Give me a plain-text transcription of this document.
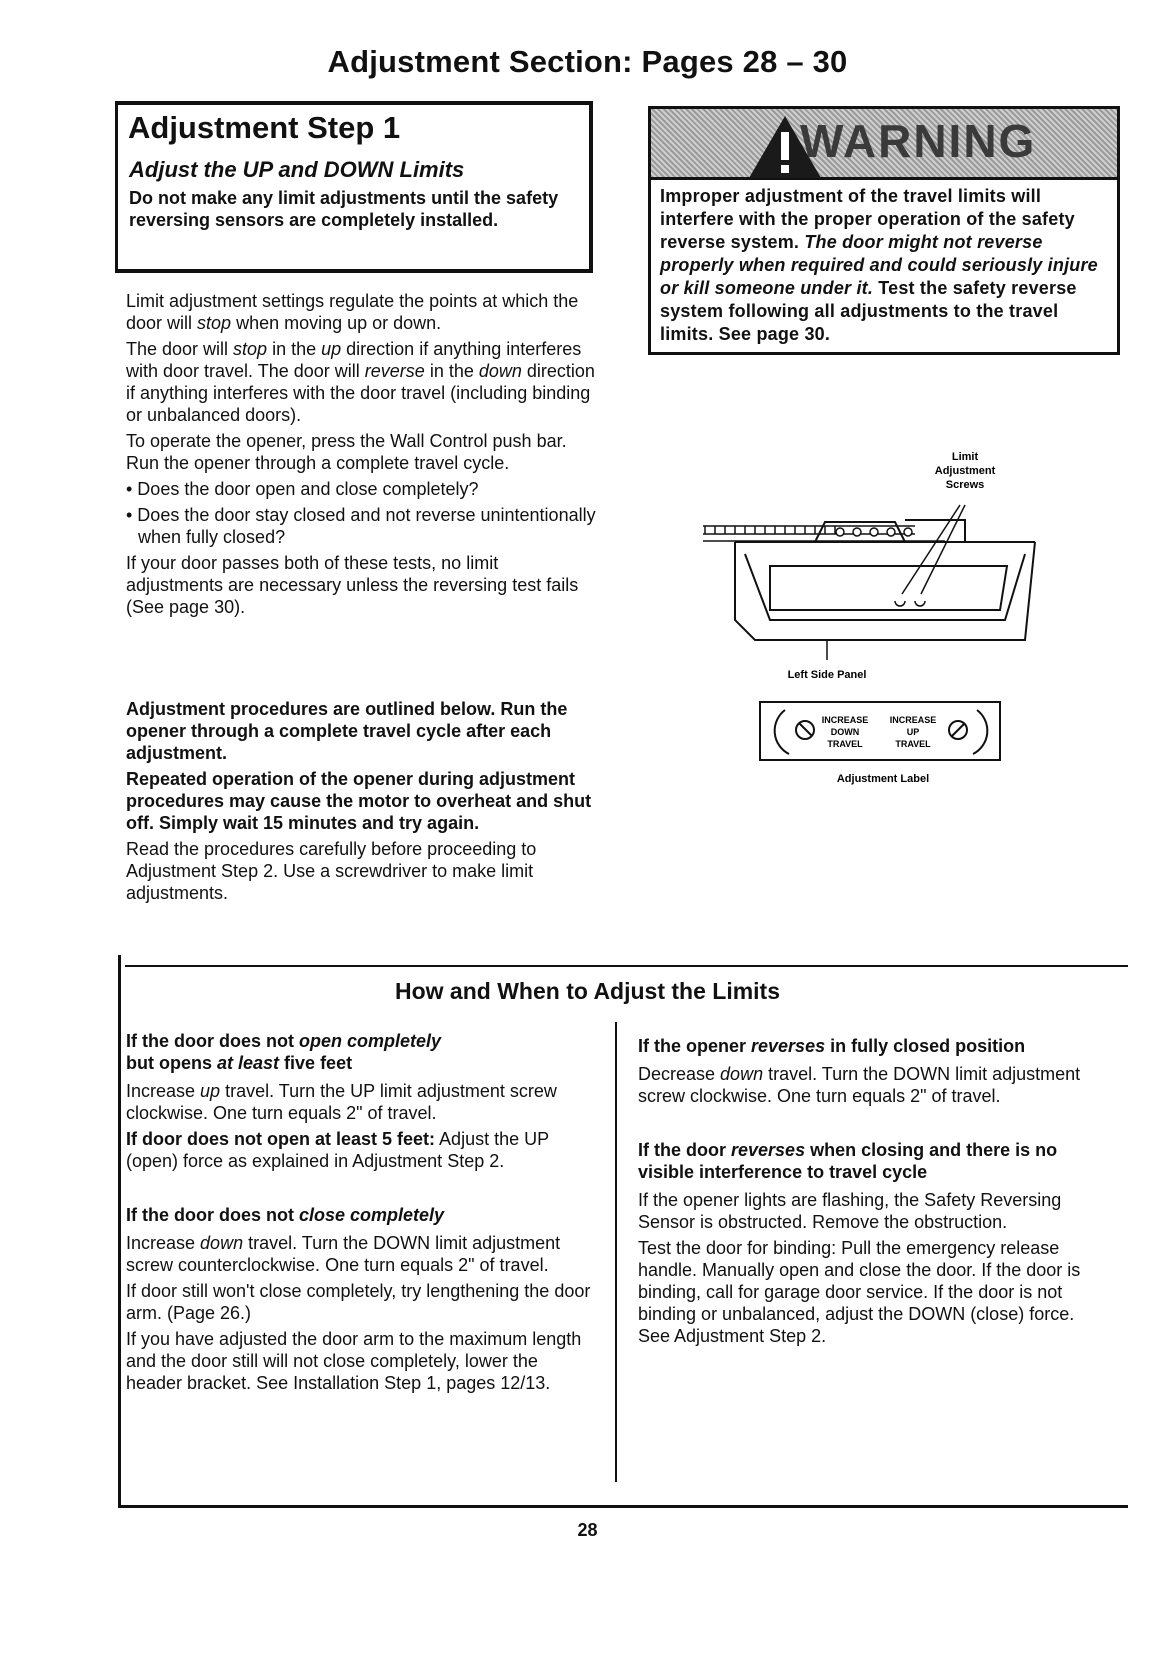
Adjustment Section: Pages 28 – 30
Adjustment Step 1
Adjust the UP and DOWN Limits
Do not make any limit adjustments until the safety reversing sensors are completely installed.

Limit adjustment settings regulate the points at which the door will stop when moving up or down.

The door will stop in the up direction if anything interferes with door travel. The door will reverse in the down direction if anything interferes with the door travel (including binding or unbalanced doors).

To operate the opener, press the Wall Control push bar. Run the opener through a complete travel cycle.

• Does the door open and close completely?

• Does the door stay closed and not reverse unintentionally when fully closed?

If your door passes both of these tests, no limit adjustments are necessary unless the reversing test fails (See page 30).

Adjustment procedures are outlined below. Run the opener through a complete travel cycle after each adjustment.

Repeated operation of the opener during adjustment procedures may cause the motor to overheat and shut off. Simply wait 15 minutes and try again.

Read the procedures carefully before proceeding to Adjustment Step 2. Use a screwdriver to make limit adjustments.

WARNING
Improper adjustment of the travel limits will interfere with the proper operation of the safety reverse system. The door might not reverse properly when required and could seriously injure or kill someone under it. Test the safety reverse system following all adjustments to the travel limits. See page 30.
Limit
Adjustment
Screws
Left Side Panel
INCREASE
DOWN
TRAVEL
INCREASE
UP
TRAVEL
Adjustment Label
How and When to Adjust the Limits
If the door does not open completely
but opens at least five feet

Increase up travel. Turn the UP limit adjustment screw clockwise. One turn equals 2" of travel.

If door does not open at least 5 feet: Adjust the UP (open) force as explained in Adjustment Step 2.

If the door does not close completely

Increase down travel. Turn the DOWN limit adjustment screw counterclockwise. One turn equals 2" of travel.

If door still won't close completely, try lengthening the door arm. (Page 26.)

If you have adjusted the door arm to the maximum length and the door still will not close completely, lower the header bracket. See Installation Step 1, pages 12/13.

If the opener reverses in fully closed position

Decrease down travel. Turn the DOWN limit adjustment screw clockwise. One turn equals 2" of travel.

If the door reverses when closing and there is no visible interference to travel cycle

If the opener lights are flashing, the Safety Reversing Sensor is obstructed. Remove the obstruction.

Test the door for binding: Pull the emergency release handle. Manually open and close the door. If the door is binding, call for garage door service. If the door is not binding or unbalanced, adjust the DOWN (close) force. See Adjustment Step 2.

28
